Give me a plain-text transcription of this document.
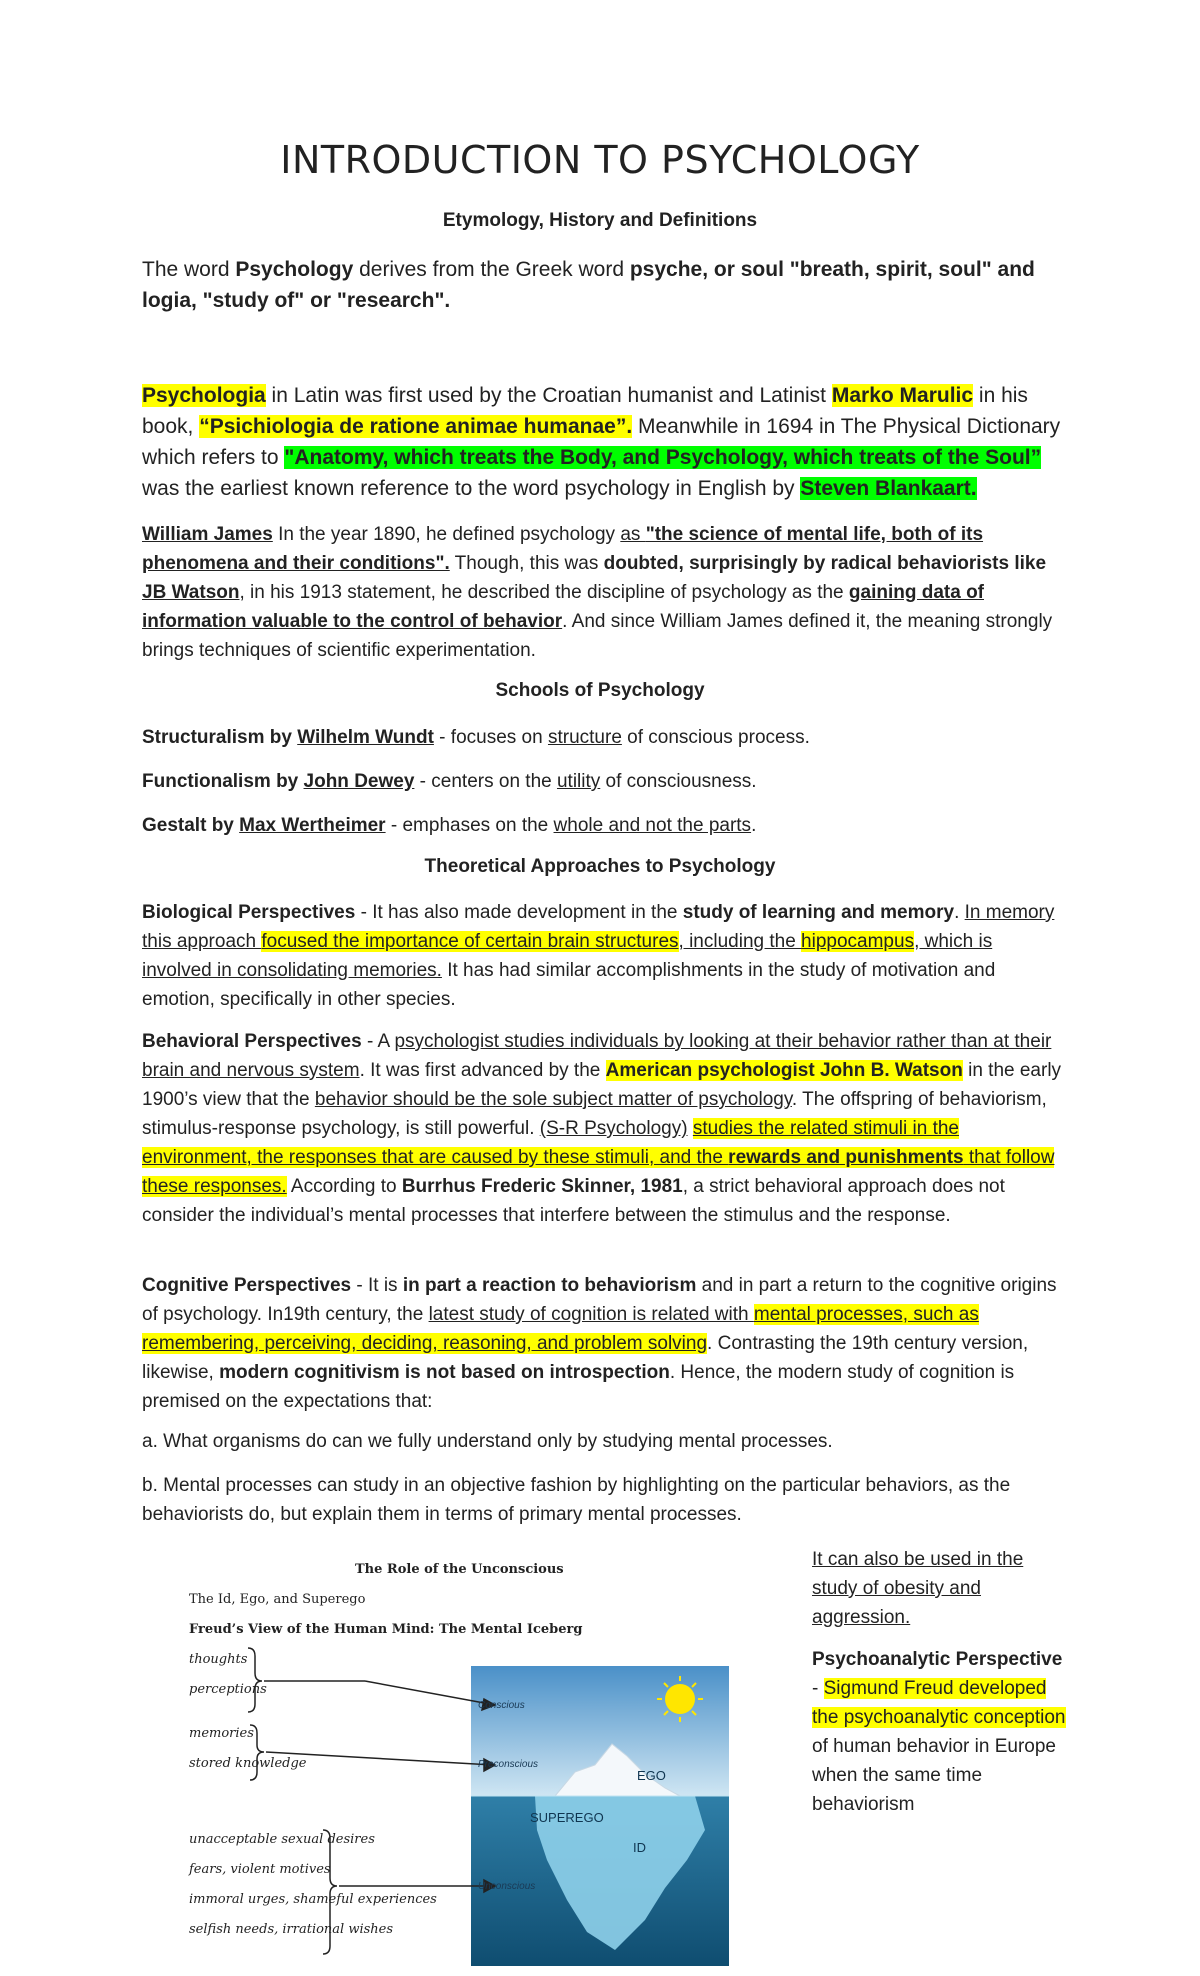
INTRODUCTION TO PSYCHOLOGY
Etymology, History and Definitions
The word Psychology derives from the Greek word psyche, or soul "breath, spirit, soul" and logia, "study of" or "research".
Psychologia in Latin was first used by the Croatian humanist and Latinist Marko Marulic in his book, “Psichiologia de ratione animae humanae”. Meanwhile in 1694 in The Physical Dictionary which refers to "Anatomy, which treats the Body, and Psychology, which treats of the Soul”
was the earliest known reference to the word psychology in English by Steven Blankaart.
William James In the year 1890, he defined psychology as "the science of mental life, both of its phenomena and their conditions". Though, this was doubted, surprisingly by radical behaviorists like JB Watson, in his 1913 statement, he described the discipline of psychology as the gaining data of information valuable to the control of behavior. And since William James defined it, the meaning strongly brings techniques of scientific experimentation.
Schools of Psychology
Structuralism by Wilhelm Wundt - focuses on structure of conscious process.
Functionalism by John Dewey - centers on the utility of consciousness.
Gestalt by Max Wertheimer - emphases on the whole and not the parts.
Theoretical Approaches to Psychology
Biological Perspectives - It has also made development in the study of learning and memory. In memory this approach focused the importance of certain brain structures, including the hippocampus, which is involved in consolidating memories. It has had similar accomplishments in the study of motivation and emotion, specifically in other species.
Behavioral Perspectives - A psychologist studies individuals by looking at their behavior rather than at their brain and nervous system. It was first advanced by the American psychologist John B. Watson in the early 1900’s view that the behavior should be the sole subject matter of psychology. The offspring of behaviorism, stimulus-response psychology, is still powerful. (S-R Psychology) studies the related stimuli in the environment, the responses that are caused by these stimuli, and the rewards and punishments that follow these responses. According to Burrhus Frederic Skinner, 1981, a strict behavioral approach does not consider the individual’s mental processes that interfere between the stimulus and the response.
Cognitive Perspectives - It is in part a reaction to behaviorism and in part a return to the cognitive origins of psychology. In19th century, the latest study of cognition is related with mental processes, such as remembering, perceiving, deciding, reasoning, and problem solving. Contrasting the 19th century version, likewise, modern cognitivism is not based on introspection. Hence, the modern study of cognition is premised on the expectations that:
a. What organisms do can we fully understand only by studying mental processes.
b. Mental processes can study in an objective fashion by highlighting on the particular behaviors, as the behaviorists do, but explain them in terms of primary mental processes.
It can also be used in the study of obesity and aggression.
Psychoanalytic Perspective - Sigmund Freud developed the psychoanalytic conception of human behavior in Europe when the same time behaviorism
Conscious
Preconscious
Unconscious
EGO
SUPEREGO
ID
The Role of the Unconscious
The Id, Ego, and Superego
Freud’s View of the Human Mind: The Mental Iceberg
thoughts
perceptions
memories
stored knowledge
unacceptable sexual desires
fears, violent motives
immoral urges, shameful experiences
selfish needs, irrational wishes
